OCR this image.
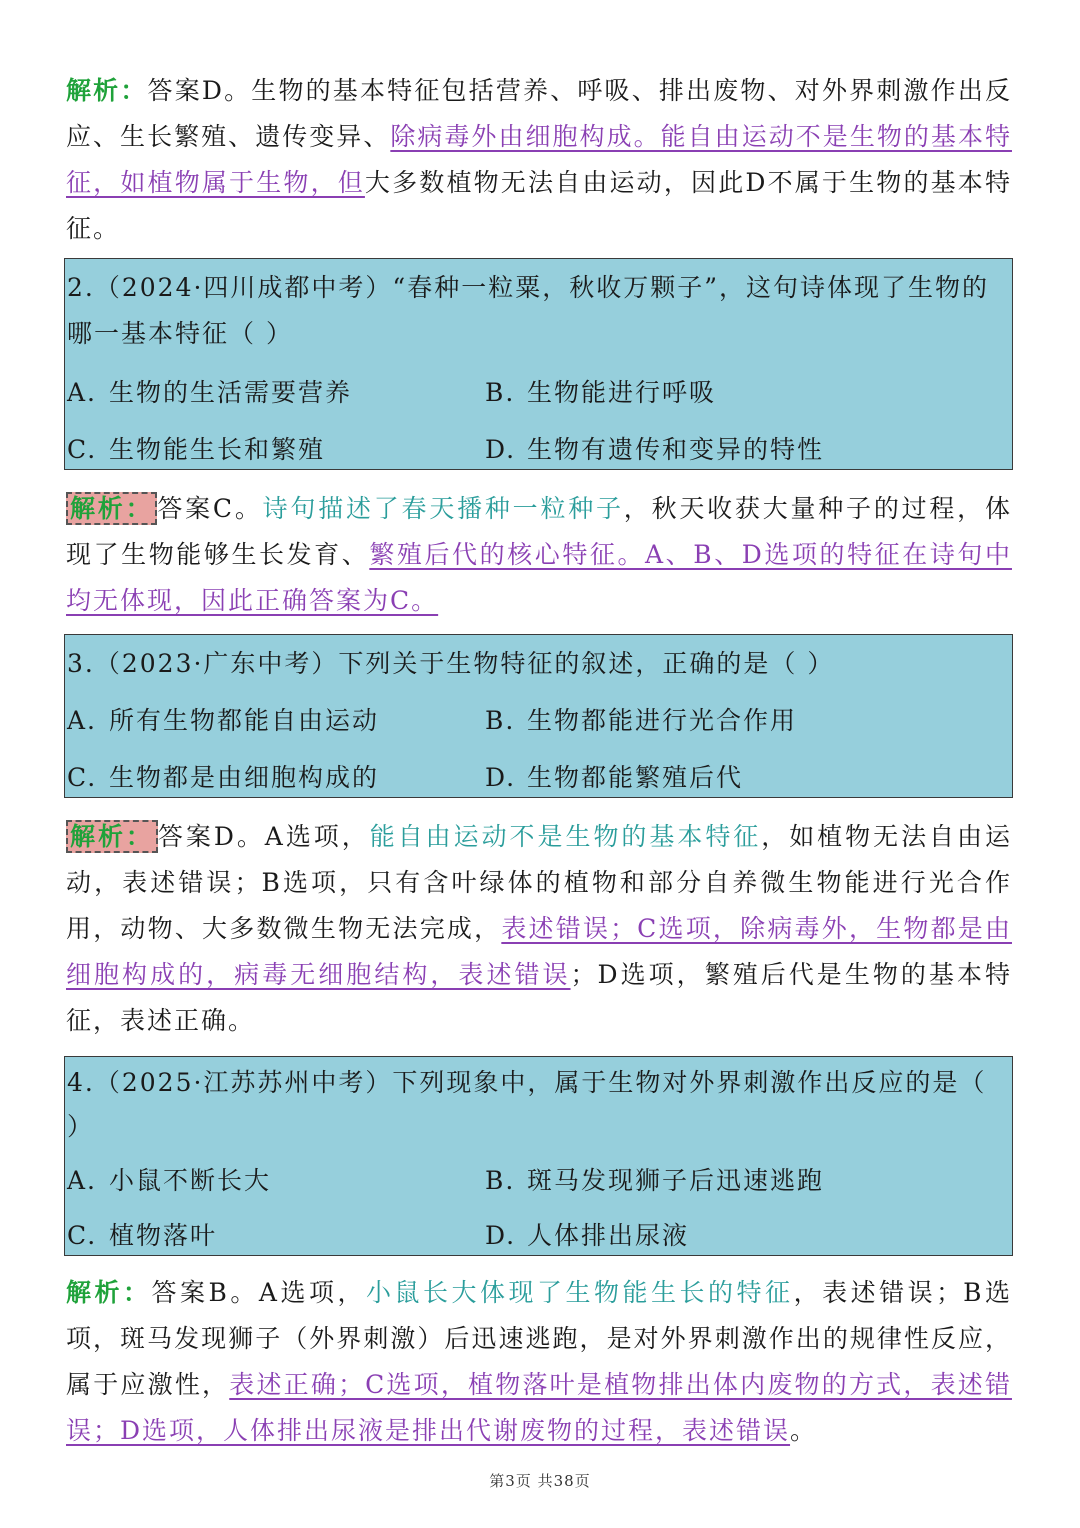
解析：答案D。生物的基本特征包括营养、呼吸、排出废物、对外界刺激作出反应、生长繁殖、遗传变异、除病毒外由细胞构成。能自由运动不是生物的基本特征，如植物属于生物，但大多数植物无法自由运动，因此D不属于生物的基本特征。
2.（2024·四川成都中考）“春种一粒粟，秋收万颗子”，这句诗体现了生物的哪一基本特征（ ）
A. 生物的生活需要营养	B. 生物能进行呼吸
C. 生物能生长和繁殖	D. 生物有遗传和变异的特性
解析： 答案C。诗句描述了春天播种一粒种子，秋天收获大量种子的过程，体现了生物能够生长发育、繁殖后代的核心特征。A、B、D选项的特征在诗句中均无体现，因此正确答案为C。
3.（2023·广东中考）下列关于生物特征的叙述，正确的是（ ）
A. 所有生物都能自由运动	B. 生物都能进行光合作用
C. 生物都是由细胞构成的	D. 生物都能繁殖后代
解析： 答案D。A选项，能自由运动不是生物的基本特征，如植物无法自由运动，表述错误；B选项，只有含叶绿体的植物和部分自养微生物能进行光合作用，动物、大多数微生物无法完成，表述错误；C选项，除病毒外，生物都是由细胞构成的，病毒无细胞结构，表述错误；D选项，繁殖后代是生物的基本特征，表述正确。
4.（2025·江苏苏州中考）下列现象中，属于生物对外界刺激作出反应的是（ ）
A. 小鼠不断长大	B. 斑马发现狮子后迅速逃跑
C. 植物落叶	D. 人体排出尿液
解析：答案B。A选项，小鼠长大体现了生物能生长的特征，表述错误；B选项，斑马发现狮子（外界刺激）后迅速逃跑，是对外界刺激作出的规律性反应，属于应激性，表述正确；C选项，植物落叶是植物排出体内废物的方式，表述错误；D选项，人体排出尿液是排出代谢废物的过程，表述错误。
第3页 共38页
